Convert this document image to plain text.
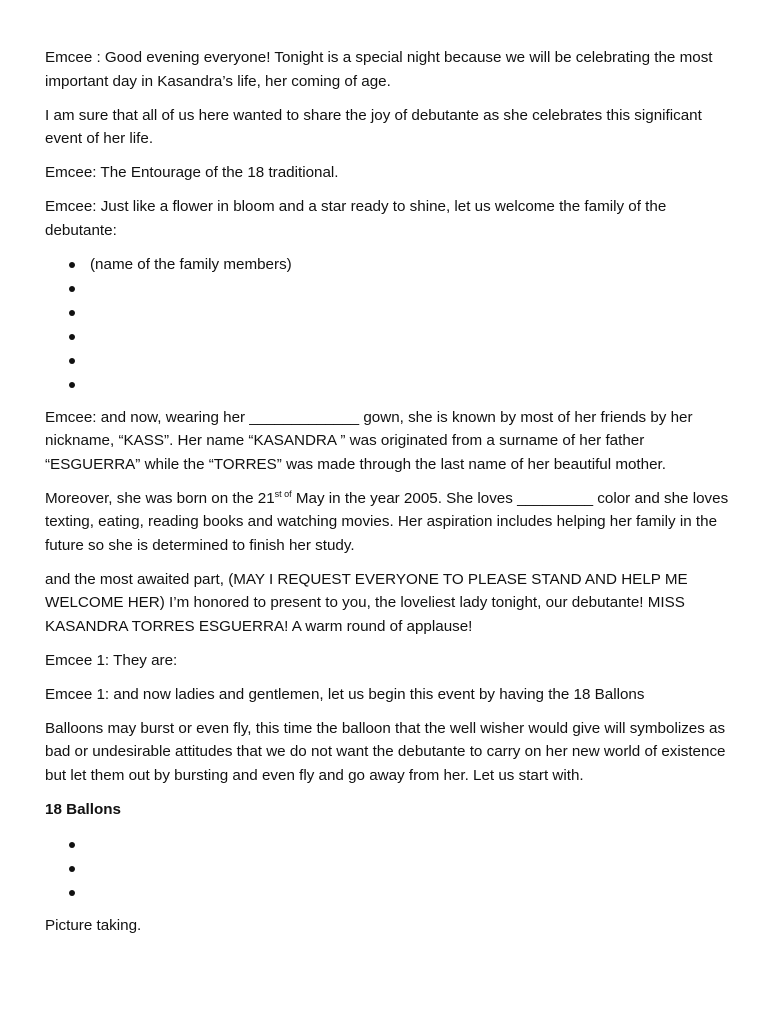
Emcee : Good evening everyone! Tonight is a special night because we will be celebrating the most important day in Kasandra’s life, her coming of age.

I am sure that all of us here wanted to share the joy of debutante as she celebrates this significant event of her life.

Emcee: The Entourage of the 18 traditional.

Emcee: Just like a flower in bloom and a star ready to shine, let us welcome the family of the debutante:

(name of the family members)

Emcee: and now, wearing her _____________ gown, she is known by most of her friends by her nickname, “KASS”. Her name “KASANDRA ” was originated from a surname of her father “ESGUERRA” while the “TORRES” was made through the last name of her beautiful mother.

Moreover, she was born on the $21^{st of}$ May in the year 2005. She loves _________ color and she loves texting, eating, reading books and watching movies. Her aspiration includes helping her family in the future so she is determined to finish her study.

and the most awaited part, (MAY I REQUEST EVERYONE TO PLEASE STAND AND HELP ME WELCOME HER) I’m honored to present to you, the loveliest lady tonight, our debutante! MISS KASANDRA TORRES ESGUERRA! A warm round of applause!

Emcee 1: They are:

Emcee 1: and now ladies and gentlemen, let us begin this event by having the 18 Ballons

Balloons may burst or even fly, this time the balloon that the well wisher would give will symbolizes as bad or undesirable attitudes that we do not want the debutante to carry on her new world of existence but let them out by bursting and even fly and go away from her. Let us start with.

18 Ballons

Picture taking.
